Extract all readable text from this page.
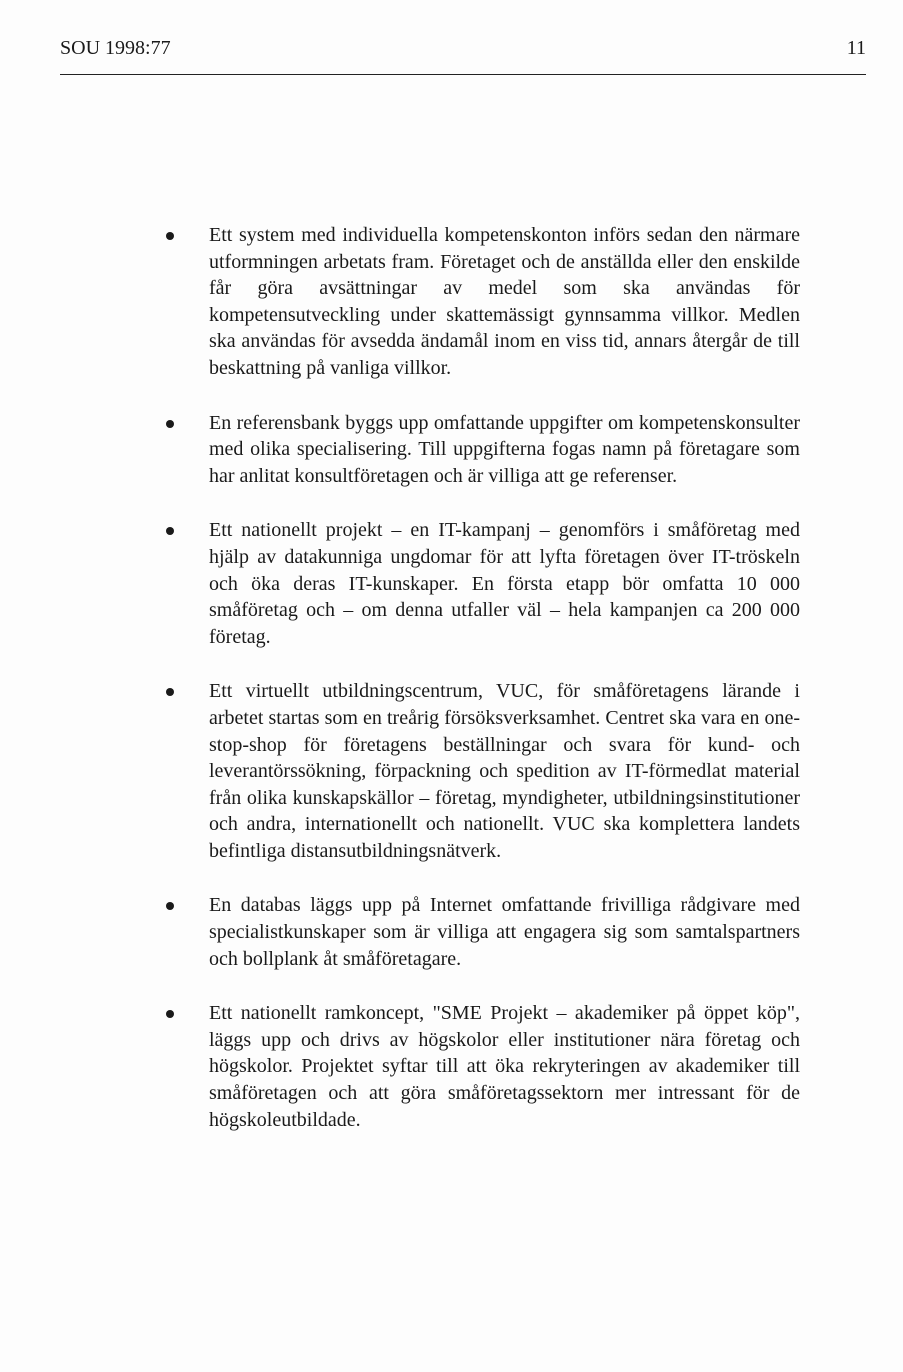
SOU 1998:77	11
Ett system med individuella kompetenskonton införs sedan den närmare utformningen arbetats fram. Företaget och de anställda eller den enskilde får göra avsättningar av medel som ska användas för kompetensutveckling under skattemässigt gynnsamma villkor. Medlen ska användas för avsedda ändamål inom en viss tid, annars återgår de till beskattning på vanliga villkor.
En referensbank byggs upp omfattande uppgifter om kompetenskonsulter med olika specialisering. Till uppgifterna fogas namn på företagare som har anlitat konsultföretagen och är villiga att ge referenser.
Ett nationellt projekt – en IT-kampanj – genomförs i småföretag med hjälp av datakunniga ungdomar för att lyfta företagen över IT-tröskeln och öka deras IT-kunskaper. En första etapp bör omfatta 10 000 småföretag och – om denna utfaller väl – hela kampanjen ca 200 000 företag.
Ett virtuellt utbildningscentrum, VUC, för småföretagens lärande i arbetet startas som en treårig försöksverksamhet. Centret ska vara en one-stop-shop för företagens beställningar och svara för kund- och leverantörssökning, förpackning och spedition av IT-förmedlat material från olika kunskapskällor – företag, myndigheter, utbildningsinstitutioner och andra, internationellt och nationellt. VUC ska komplettera landets befintliga distansutbildningsnätverk.
En databas läggs upp på Internet omfattande frivilliga rådgivare med specialistkunskaper som är villiga att engagera sig som samtalspartners och bollplank åt småföretagare.
Ett nationellt ramkoncept, "SME Projekt – akademiker på öppet köp", läggs upp och drivs av högskolor eller institutioner nära företag och högskolor. Projektet syftar till att öka rekryteringen av akademiker till småföretagen och att göra småföretagssektorn mer intressant för de högskoleutbildade.
